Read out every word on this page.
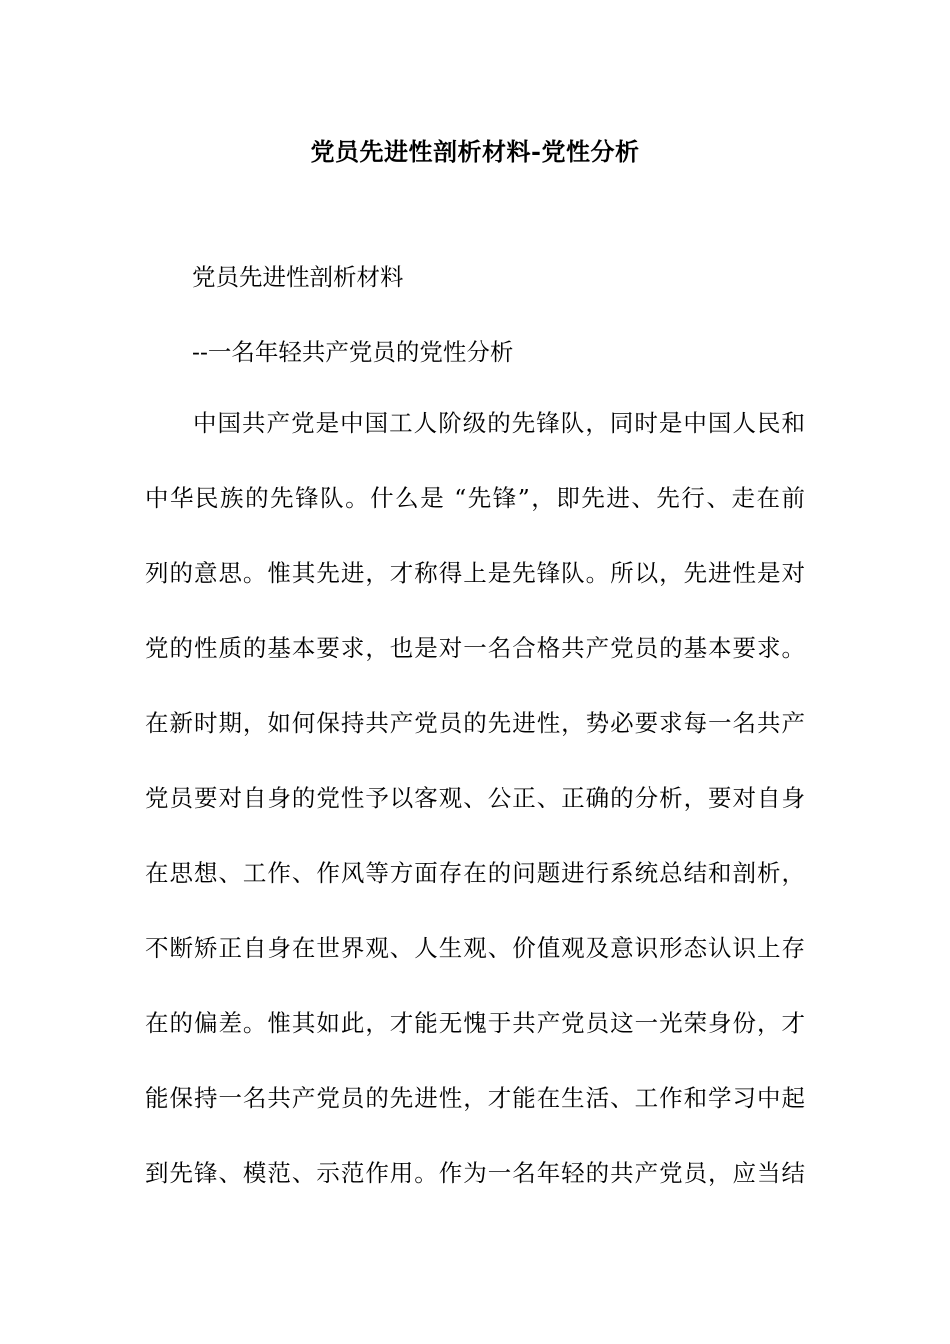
党员先进性剖析材料-党性分析

党员先进性剖析材料

--一名年轻共产党员的党性分析

中国共产党是中国工人阶级的先锋队，同时是中国人民和
中华民族的先锋队。什么是 “先锋”，即先进、先行、走在前
列的意思。惟其先进，才称得上是先锋队。所以，先进性是对
党的性质的基本要求，也是对一名合格共产党员的基本要求。
在新时期，如何保持共产党员的先进性，势必要求每一名共产
党员要对自身的党性予以客观、公正、正确的分析，要对自身
在思想、工作、作风等方面存在的问题进行系统总结和剖析，
不断矫正自身在世界观、人生观、价值观及意识形态认识上存
在的偏差。惟其如此，才能无愧于共产党员这一光荣身份，才
能保持一名共产党员的先进性，才能在生活、工作和学习中起
到先锋、模范、示范作用。作为一名年轻的共产党员，应当结
